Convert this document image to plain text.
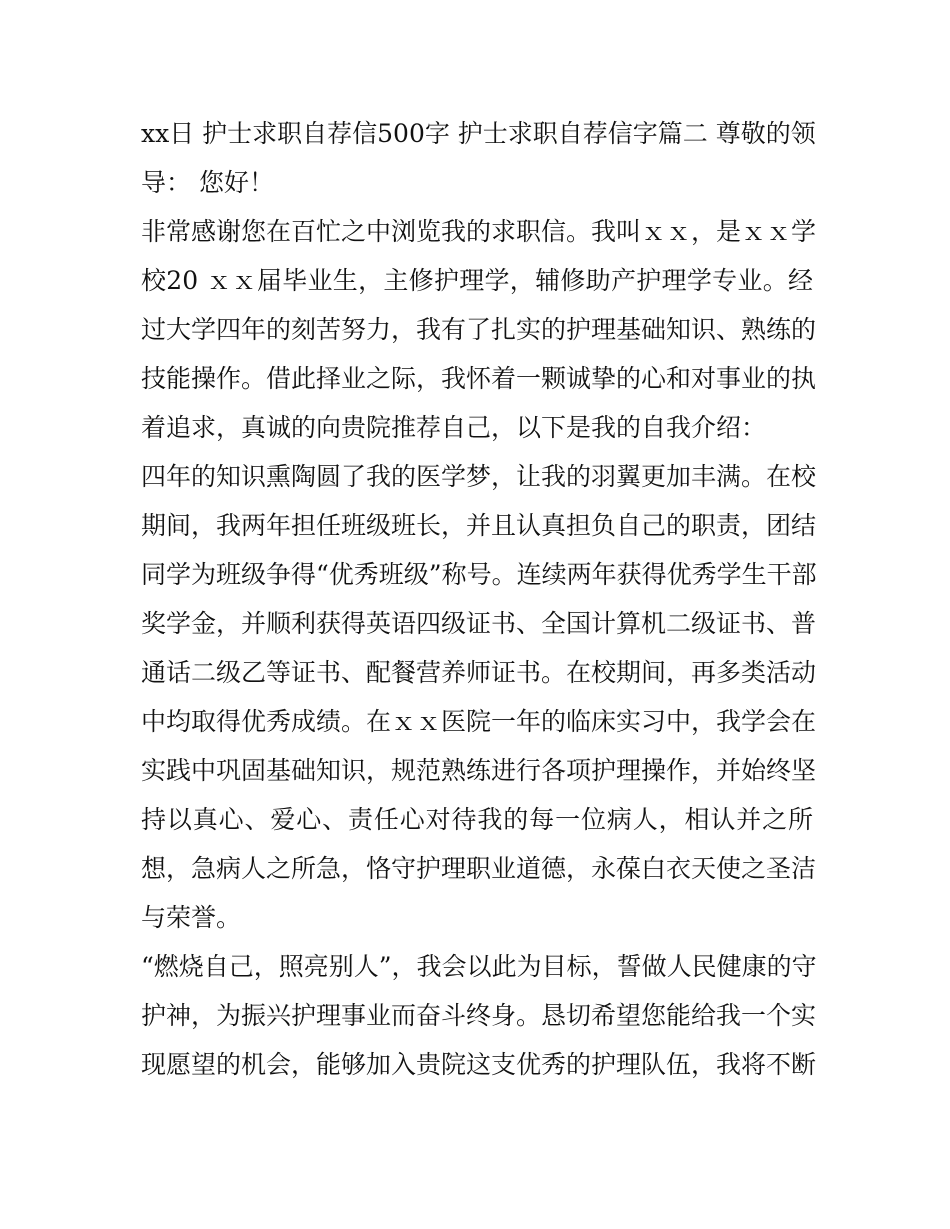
xx日 护士求职自荐信500字 护士求职自荐信字篇二 尊敬的领
导： 您好！
非常感谢您在百忙之中浏览我的求职信。我叫ｘｘ，是ｘｘ学
校20 ｘｘ届毕业生，主修护理学，辅修助产护理学专业。经
过大学四年的刻苦努力，我有了扎实的护理基础知识、熟练的
技能操作。借此择业之际，我怀着一颗诚挚的心和对事业的执
着追求，真诚的向贵院推荐自己，以下是我的自我介绍：
四年的知识熏陶圆了我的医学梦，让我的羽翼更加丰满。在校
期间，我两年担任班级班长，并且认真担负自己的职责，团结
同学为班级争得“优秀班级”称号。连续两年获得优秀学生干部
奖学金，并顺利获得英语四级证书、全国计算机二级证书、普
通话二级乙等证书、配餐营养师证书。在校期间，再多类活动
中均取得优秀成绩。在ｘｘ医院一年的临床实习中，我学会在
实践中巩固基础知识，规范熟练进行各项护理操作，并始终坚
持以真心、爱心、责任心对待我的每一位病人，相认并之所
想，急病人之所急，恪守护理职业道德，永葆白衣天使之圣洁
与荣誉。
“燃烧自己，照亮别人”，我会以此为目标，誓做人民健康的守
护神，为振兴护理事业而奋斗终身。恳切希望您能给我一个实
现愿望的机会，能够加入贵院这支优秀的护理队伍，我将不断
